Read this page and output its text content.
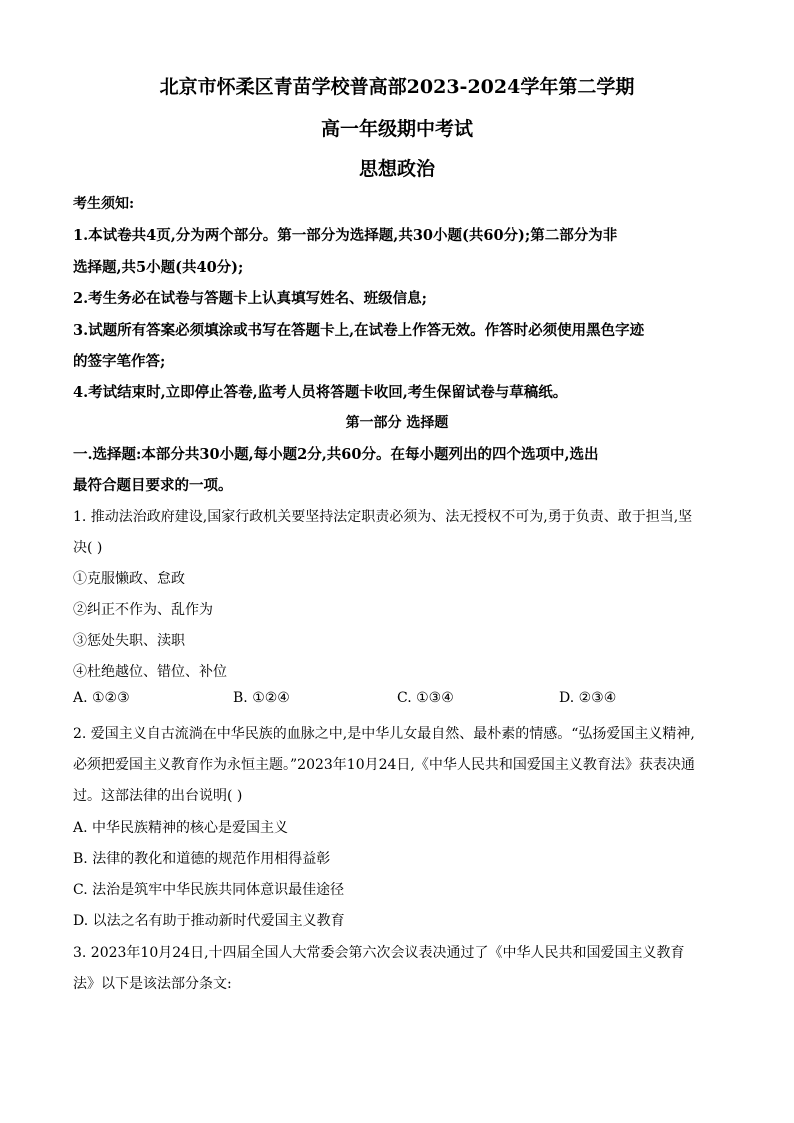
北京市怀柔区青苗学校普高部2023-2024学年第二学期
高一年级期中考试
思想政治
考生须知:
1.本试卷共4页,分为两个部分。第一部分为选择题,共30小题(共60分);第二部分为非
选择题,共5小题(共40分);
2.考生务必在试卷与答题卡上认真填写姓名、班级信息;
3.试题所有答案必须填涂或书写在答题卡上,在试卷上作答无效。作答时必须使用黑色字迹
的签字笔作答;
4.考试结束时,立即停止答卷,监考人员将答题卡收回,考生保留试卷与草稿纸。
第一部分 选择题
一.选择题:本部分共30小题,每小题2分,共60分。在每小题列出的四个选项中,选出
最符合题目要求的一项。
1. 推动法治政府建设,国家行政机关要坚持法定职责必须为、法无授权不可为,勇于负责、敢于担当,坚
决( )
①克服懒政、怠政
②纠正不作为、乱作为
③惩处失职、渎职
④杜绝越位、错位、补位
A. ①②③	B. ①②④	C. ①③④	D. ②③④
2. 爱国主义自古流淌在中华民族的血脉之中,是中华儿女最自然、最朴素的情感。“弘扬爱国主义精神,
必须把爱国主义教育作为永恒主题。”2023年10月24日,《中华人民共和国爱国主义教育法》获表决通
过。这部法律的出台说明( )
A. 中华民族精神的核心是爱国主义
B. 法律的教化和道德的规范作用相得益彰
C. 法治是筑牢中华民族共同体意识最佳途径
D. 以法之名有助于推动新时代爱国主义教育
3. 2023年10月24日,十四届全国人大常委会第六次会议表决通过了《中华人民共和国爱国主义教育
法》以下是该法部分条文:
